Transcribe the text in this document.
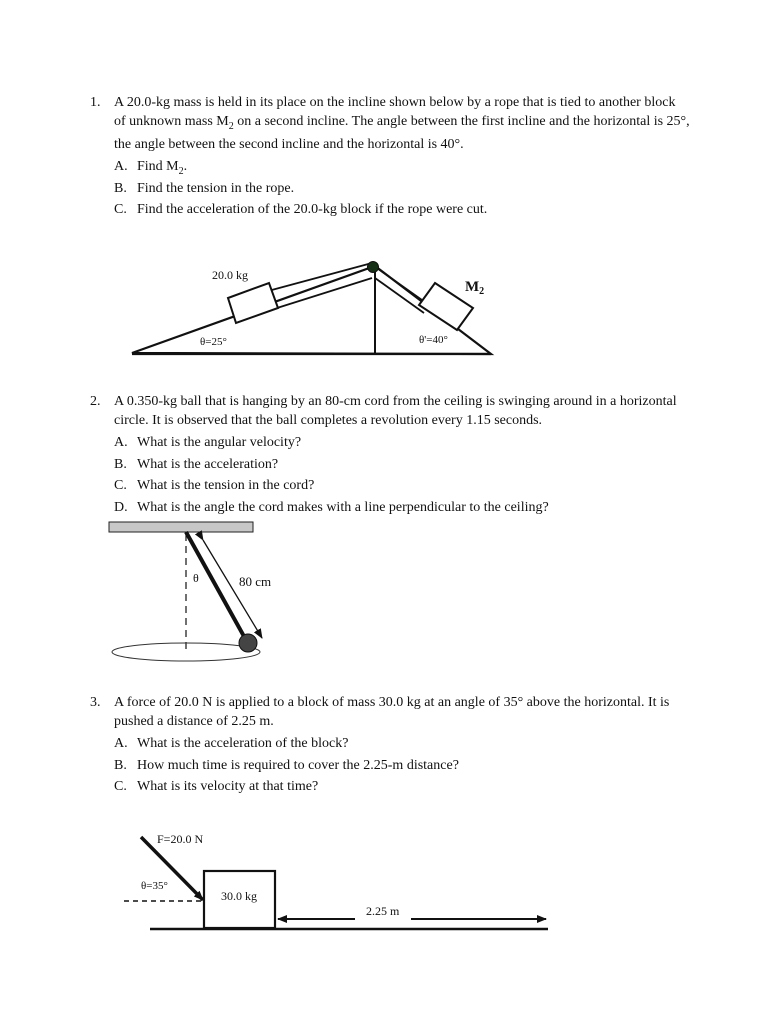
1. A 20.0-kg mass is held in its place on the incline shown below by a rope that is tied to another block of unknown mass $M_2$ on a second incline. The angle between the first incline and the horizontal is 25°, the angle between the second incline and the horizontal is 40°.
A. Find $M_2$.
B. Find the tension in the rope.
C. Find the acceleration of the 20.0-kg block if the rope were cut.
2. A 0.350-kg ball that is hanging by an 80-cm cord from the ceiling is swinging around in a horizontal circle. It is observed that the ball completes a revolution every 1.15 seconds.
A. What is the angular velocity?
B. What is the acceleration?
C. What is the tension in the cord?
D. What is the angle the cord makes with a line perpendicular to the ceiling?
3. A force of 20.0 N is applied to a block of mass 30.0 kg at an angle of 35° above the horizontal. It is pushed a distance of 2.25 m.
A. What is the acceleration of the block?
B. How much time is required to cover the 2.25-m distance?
C. What is its velocity at that time?
20.0 kg
$M_2$
θ=25°	θ'=40°
θ	80 cm
F=20.0 N
θ=35°
30.0 kg
2.25 m
